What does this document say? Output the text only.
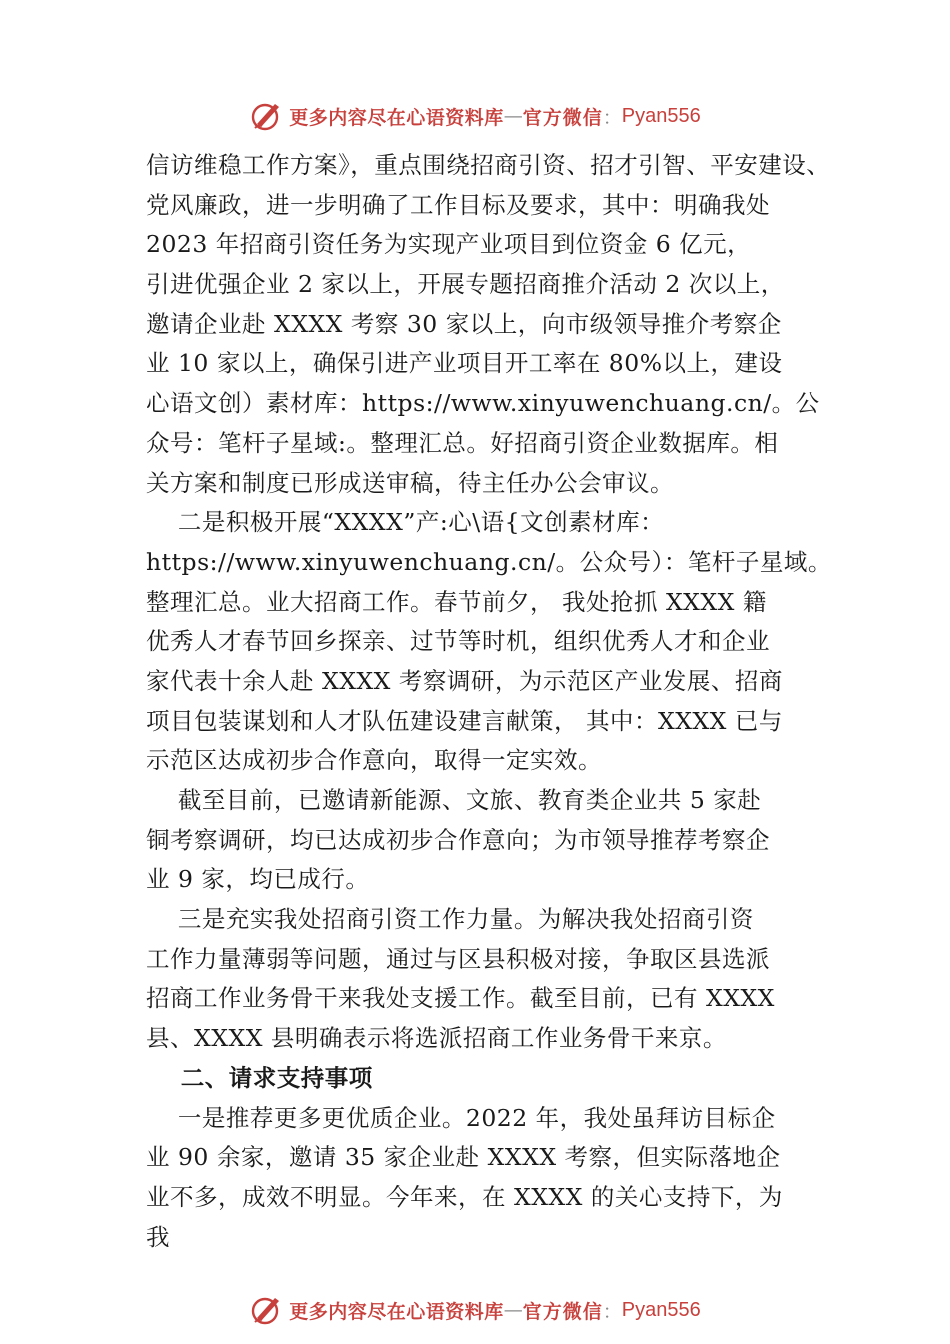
更多内容尽在心语资料库 — 官方微信 ： Pyan556
信访维稳工作方案》，重点围绕招商引资、招才引智、平安建设、
党风廉政，进一步明确了工作目标及要求，其中：明确我处
2023 年招商引资任务为实现产业项目到位资金 6 亿元，
引进优强企业 2 家以上，开展专题招商推介活动 2 次以上，
邀请企业赴 XXXX 考察 30 家以上，向市级领导推介考察企
业 10 家以上，确保引进产业项目开工率在 80%以上，建设
心语文创）素材库：https://www.xinyuwenchuang.cn/。公
众号：笔杆子星域:。整理汇总。好招商引资企业数据库。相
关方案和制度已形成送审稿，待主任办公会审议。
二是积极开展“XXXX”产:心\语{文创素材库：
https://www.xinyuwenchuang.cn/。公众号）：笔杆子星域。
整理汇总。业大招商工作。春节前夕， 我处抢抓 XXXX 籍
优秀人才春节回乡探亲、过节等时机，组织优秀人才和企业
家代表十余人赴 XXXX 考察调研，为示范区产业发展、招商
项目包装谋划和人才队伍建设建言献策， 其中：XXXX 已与
示范区达成初步合作意向，取得一定实效。
截至目前，已邀请新能源、文旅、教育类企业共 5 家赴
铜考察调研，均已达成初步合作意向；为市领导推荐考察企
业 9 家，均已成行。
三是充实我处招商引资工作力量。为解决我处招商引资
工作力量薄弱等问题，通过与区县积极对接，争取区县选派
招商工作业务骨干来我处支援工作。截至目前，已有 XXXX
县、XXXX 县明确表示将选派招商工作业务骨干来京。
二、请求支持事项
一是推荐更多更优质企业。2022 年，我处虽拜访目标企
业 90 余家，邀请 35 家企业赴 XXXX 考察，但实际落地企
业不多，成效不明显。今年来，在 XXXX 的关心支持下，为
我
更多内容尽在心语资料库 — 官方微信 ： Pyan556
